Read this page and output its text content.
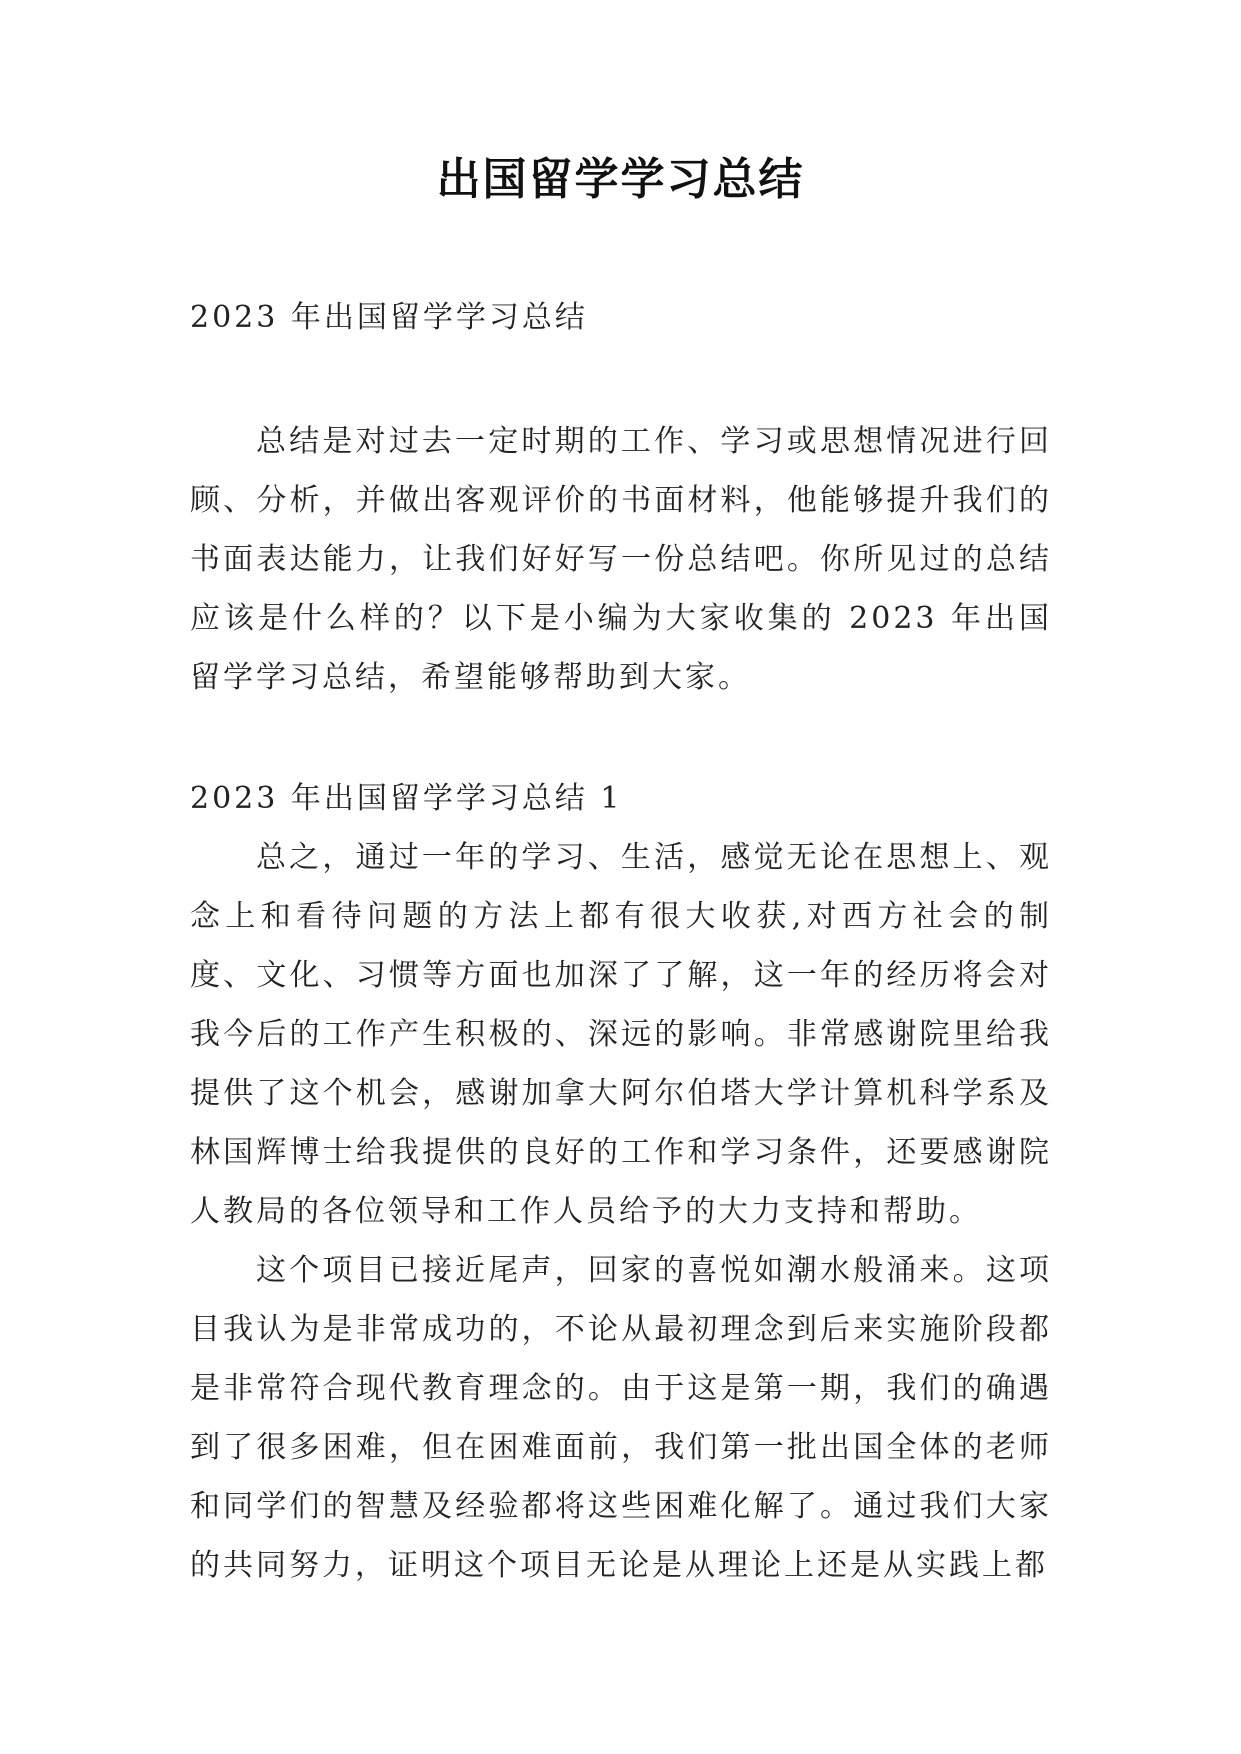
出国留学学习总结

2023 年出国留学学习总结

总结是对过去一定时期的工作、学习或思想情况进行回顾、分析，并做出客观评价的书面材料，他能够提升我们的书面表达能力，让我们好好写一份总结吧。你所见过的总结应该是什么样的？以下是小编为大家收集的 2023 年出国留学学习总结，希望能够帮助到大家。

2023 年出国留学学习总结 1

总之，通过一年的学习、生活，感觉无论在思想上、观念上和看待问题的方法上都有很大收获,对西方社会的制度、文化、习惯等方面也加深了了解，这一年的经历将会对我今后的工作产生积极的、深远的影响。非常感谢院里给我提供了这个机会，感谢加拿大阿尔伯塔大学计算机科学系及林国辉博士给我提供的良好的工作和学习条件，还要感谢院人教局的各位领导和工作人员给予的大力支持和帮助。

这个项目已接近尾声，回家的喜悦如潮水般涌来。这项目我认为是非常成功的，不论从最初理念到后来实施阶段都是非常符合现代教育理念的。由于这是第一期，我们的确遇到了很多困难，但在困难面前，我们第一批出国全体的老师和同学们的智慧及经验都将这些困难化解了。通过我们大家的共同努力，证明这个项目无论是从理论上还是从实践上都
